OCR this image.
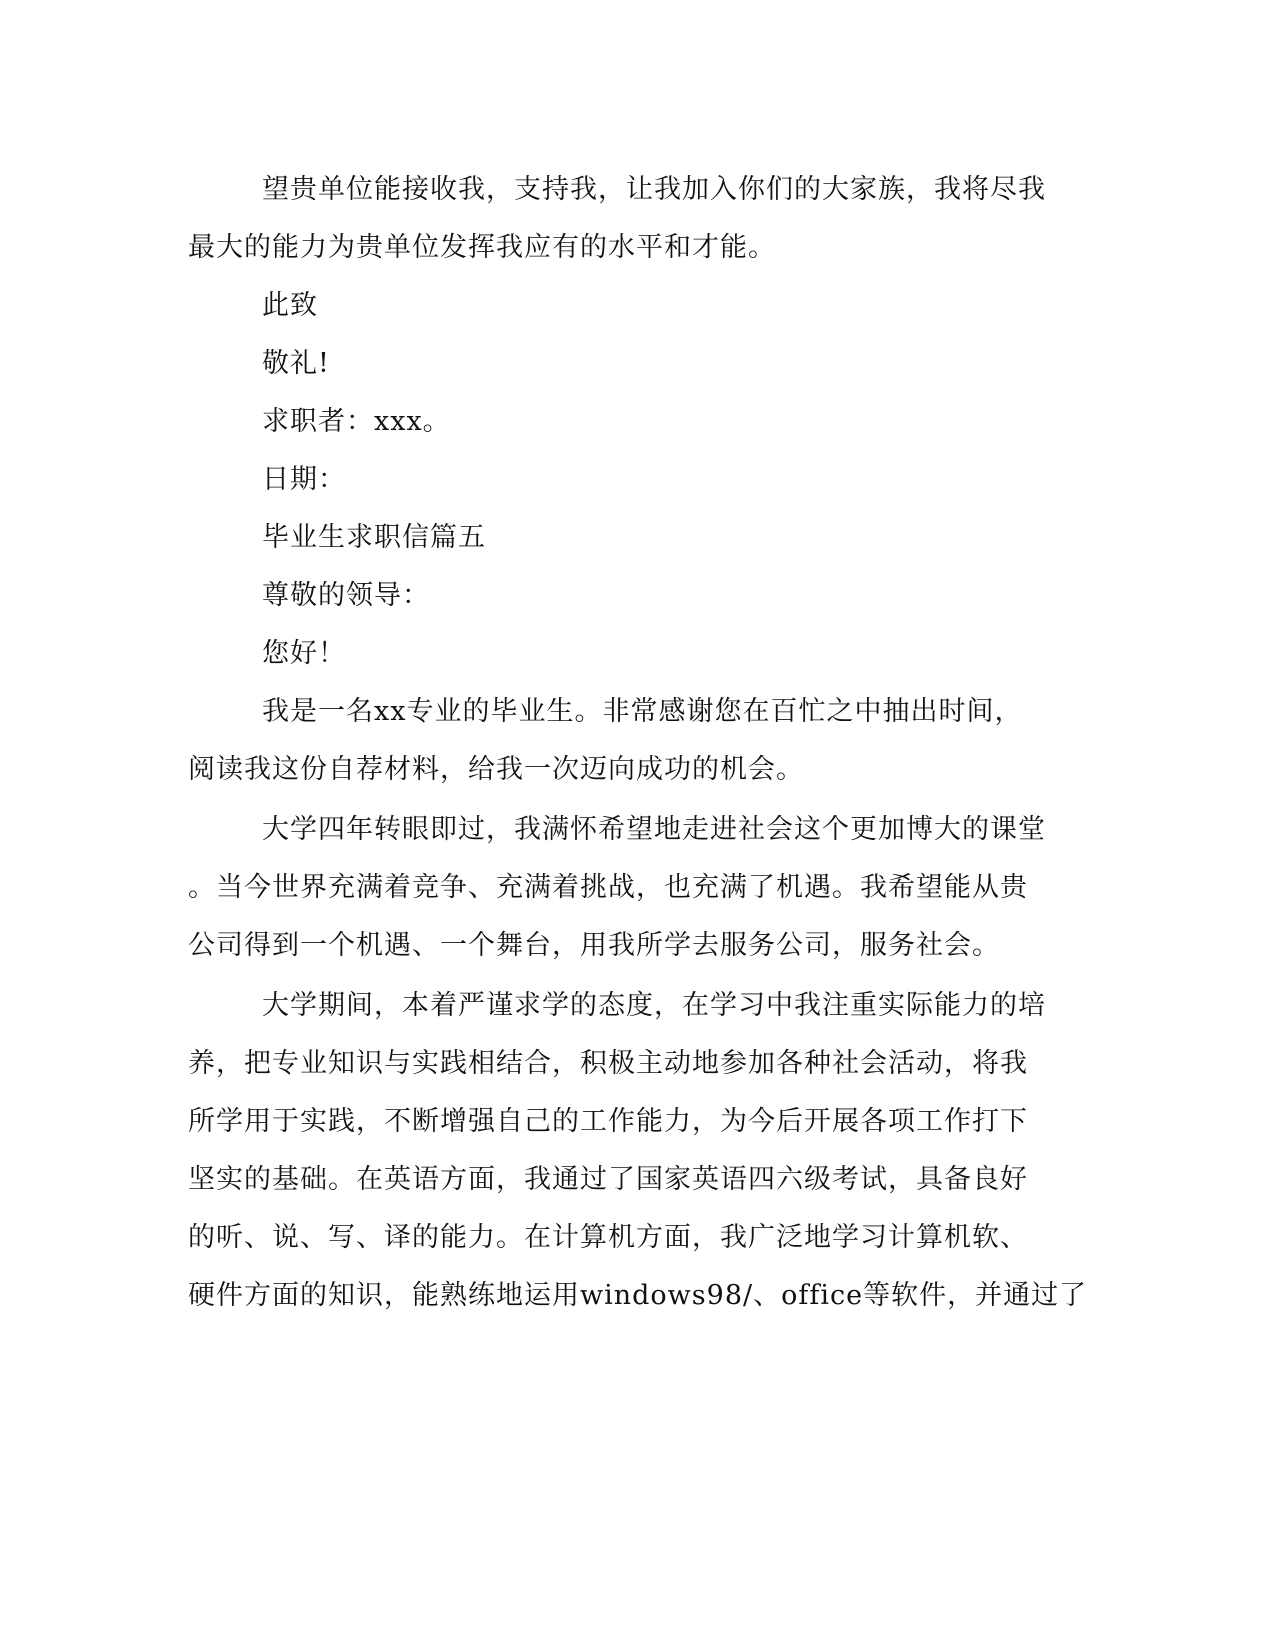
望贵单位能接收我，支持我，让我加入你们的大家族，我将尽我
最大的能力为贵单位发挥我应有的水平和才能。
此致
敬礼!
求职者：xxx。
日期：
毕业生求职信篇五
尊敬的领导：
您好！
我是一名xx专业的毕业生。非常感谢您在百忙之中抽出时间，
阅读我这份自荐材料，给我一次迈向成功的机会。
大学四年转眼即过，我满怀希望地走进社会这个更加博大的课堂
。当今世界充满着竞争、充满着挑战，也充满了机遇。我希望能从贵
公司得到一个机遇、一个舞台，用我所学去服务公司，服务社会。
大学期间，本着严谨求学的态度，在学习中我注重实际能力的培
养，把专业知识与实践相结合，积极主动地参加各种社会活动，将我
所学用于实践，不断增强自己的工作能力，为今后开展各项工作打下
坚实的基础。在英语方面，我通过了国家英语四六级考试，具备良好
的听、说、写、译的能力。在计算机方面，我广泛地学习计算机软、
硬件方面的知识，能熟练地运用windows98/、office等软件，并通过了
